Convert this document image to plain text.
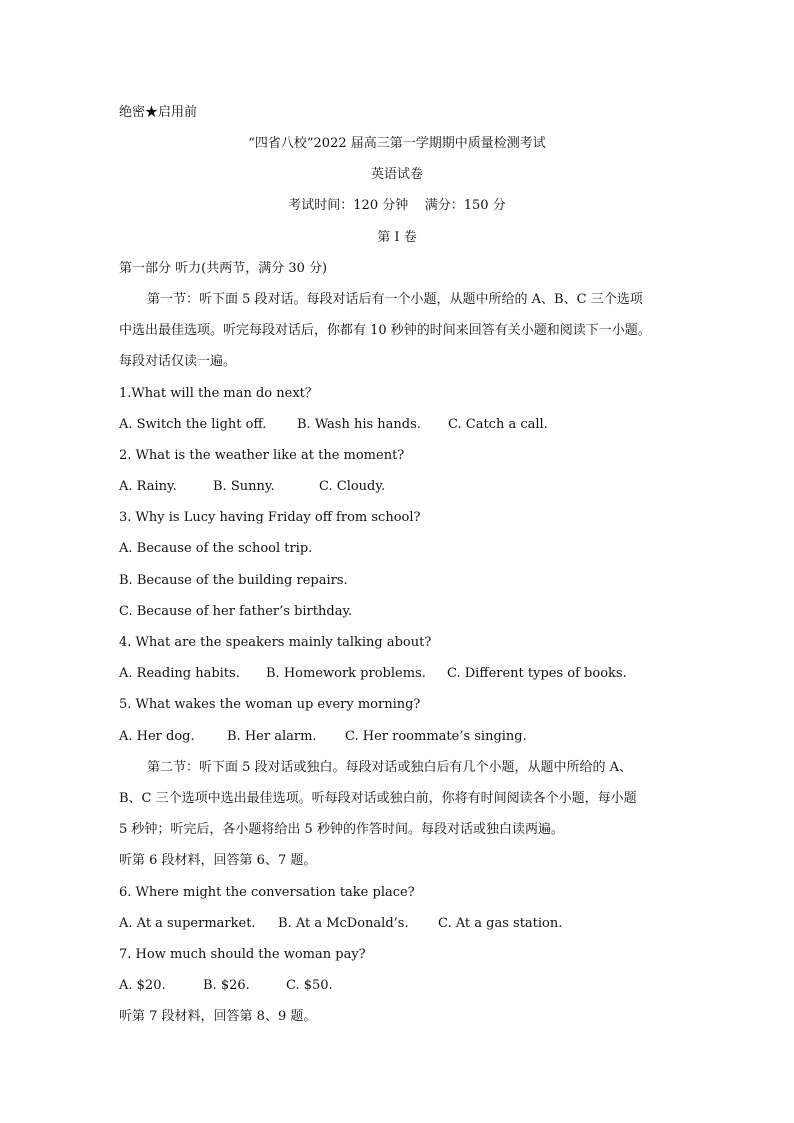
绝密★启用前
“四省八校”2022 届高三第一学期期中质量检测考试
英语试卷
考试时间：120 分钟    满分：150 分
第 I 卷
第一部分 听力(共两节，满分 30 分)
第一节：听下面 5 段对话。每段对话后有一个小题，从题中所给的 A、B、C 三个选项
中选出最佳选项。听完每段对话后，你都有 10 秒钟的时间来回答有关小题和阅读下一小题。
每段对话仅读一遍。
1.What will the man do next？
A. Switch the light off. B. Wash his hands. C. Catch a call.
2. What is the weather like at the moment?
A. Rainy.	B. Sunny.	C. Cloudy.
3. Why is Lucy having Friday off from school?
A. Because of the school trip.
B. Because of the building repairs.
C. Because of her father’s birthday.
4. What are the speakers mainly talking about?
A. Reading habits. B. Homework problems. C. Different types of books.
5. What wakes the woman up every morning?
A. Her dog. B. Her alarm. C. Her roommate’s singing.
第二节：听下面 5 段对话或独白。每段对话或独白后有几个小题，从题中所给的 A、
B、C 三个选项中选出最佳选项。听每段对话或独白前，你将有时间阅读各个小题，每小题
5 秒钟；听完后，各小题将给出 5 秒钟的作答时间。每段对话或独白读两遍。
听第 6 段材料，回答第 6、7 题。
6. Where might the conversation take place?
A. At a supermarket. B. At a McDonald’s. C. At a gas station.
7. How much should the woman pay?
A. $20.	B. $26.	C. $50.
听第 7 段材料，回答第 8、9 题。
